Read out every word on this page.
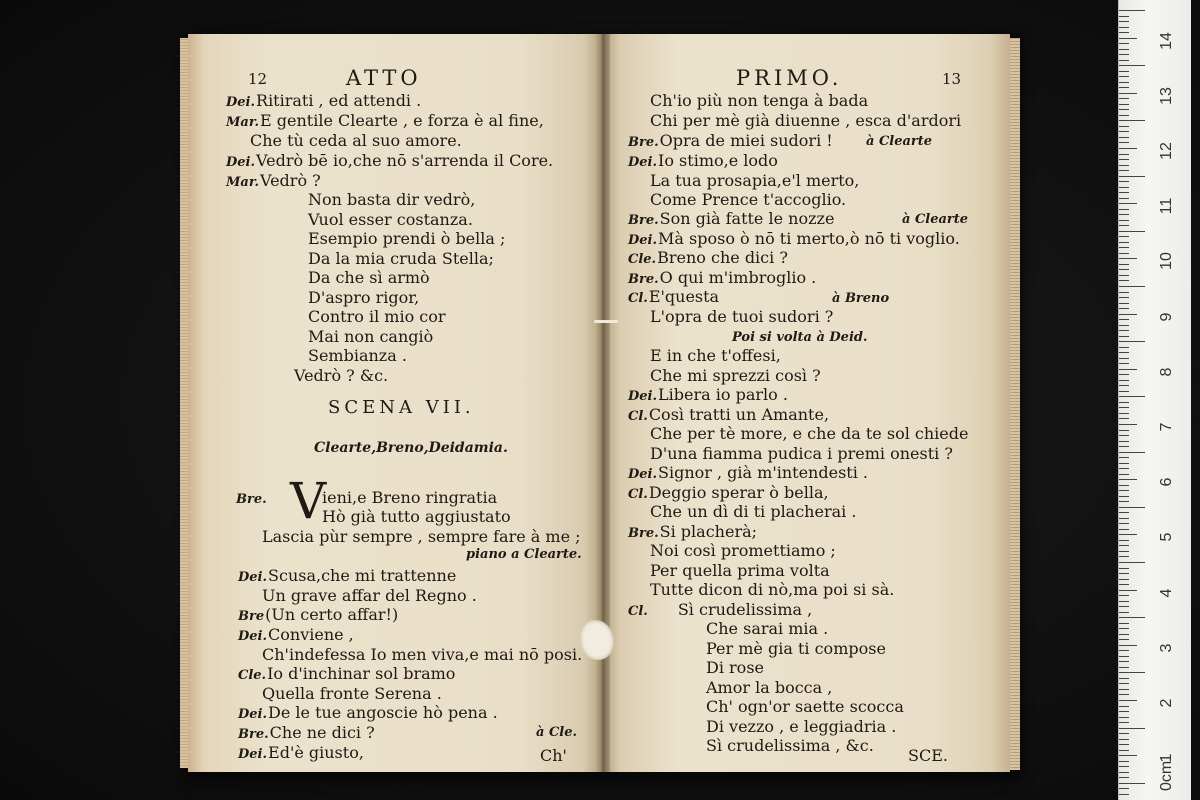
12	ATTO
Dei.Ritirati , ed attendi .
Mar.E gentile Clearte , e forza è al fine,
Che tù ceda al suo amore.
Dei.Vedrò bē io,che nō s'arrenda il Core.
Mar.Vedrò ?
Non basta dir vedrò,
Vuol esser costanza.
Esempio prendi ò bella ;
Da la mia cruda Stella;
Da che sì armò
D'aspro rigor,
Contro il mio cor
Mai non cangiò
Sembianza .
Vedrò ? &c.
SCENA VII.
Clearte,Breno,Deidamia.
Bre. V
ieni,e Breno ringratia
Hò già tutto aggiustato
Lascia pùr sempre , sempre fare à me ;
piano a Clearte.
Dei.Scusa,che mi trattenne
Un grave affar del Regno .
Bre(Un certo affar!)
Dei.Conviene ,
Ch'indefessa Io men viva,e mai nō posi.
Cle.Io d'inchinar sol bramo
Quella fronte Serena .
Dei.De le tue angoscie hò pena .
Bre.Che ne dici ?	à Cle.
Dei.Ed'è giusto,	Ch'
PRIMO.	13
Ch'io più non tenga à bada
Chi per mè già diuenne , esca d'ardori
Bre.Opra de miei sudori !	à Clearte
Dei.Io stimo,e lodo
La tua prosapia,e'l merto,
Come Prence t'accoglio.
Bre.Son già fatte le nozze	à Clearte
Dei.Mà sposo ò nō ti merto,ò nō ti voglio.
Cle.Breno che dici ?
Bre.O qui m'imbroglio .
Cl.E'questa	à Breno
L'opra de tuoi sudori ?
Poi si volta à Deid.
E in che t'offesi,
Che mi sprezzi così ?
Dei.Libera io parlo .
Cl.Così tratti un Amante,
Che per tè more, e che da te sol chiede
D'una fiamma pudica i premi onesti ?
Dei.Signor , già m'intendesti .
Cl.Deggio sperar ò bella,
Che un dì di ti placherai .
Bre.Si placherà;
Noi così promettiamo ;
Per quella prima volta
Tutte dicon di nò,ma poi si sà.
Cl. Sì crudelissima ,
Che sarai mia .
Per mè gia ti compose
Di rose
Amor la bocca ,
Ch' ogn'or saette scocca
Di vezzo , e leggiadria .
Sì crudelissima , &c.
SCE.
14
13
12
11
10
9
8
7
6
5
4
3
2
1
0cm
